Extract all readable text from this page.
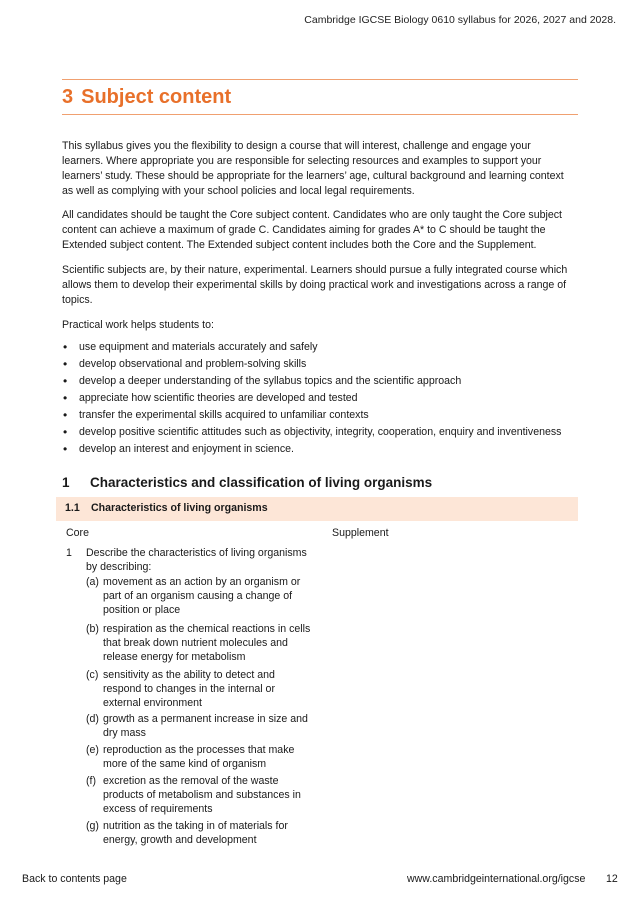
Cambridge IGCSE Biology 0610 syllabus for 2026, 2027 and 2028.
3 Subject content

This syllabus gives you the flexibility to design a course that will interest, challenge and engage your learners. Where appropriate you are responsible for selecting resources and examples to support your learners’ study. These should be appropriate for the learners’ age, cultural background and learning context as well as complying with your school policies and local legal requirements.

All candidates should be taught the Core subject content. Candidates who are only taught the Core subject content can achieve a maximum of grade C. Candidates aiming for grades A* to C should be taught the Extended subject content. The Extended subject content includes both the Core and the Supplement.

Scientific subjects are, by their nature, experimental. Learners should pursue a fully integrated course which allows them to develop their experimental skills by doing practical work and investigations across a range of topics.

Practical work helps students to:

• use equipment and materials accurately and safely
• develop observational and problem-solving skills
• develop a deeper understanding of the syllabus topics and the scientific approach
• appreciate how scientific theories are developed and tested
• transfer the experimental skills acquired to unfamiliar contexts
• develop positive scientific attitudes such as objectivity, integrity, cooperation, enquiry and inventiveness
• develop an interest and enjoyment in science.
1 Characteristics and classification of living organisms
1.1 Characteristics of living organisms
Core	Supplement
1 Describe the characteristics of living organisms by describing:
(a) movement as an action by an organism or part of an organism causing a change of position or place
(b) respiration as the chemical reactions in cells that break down nutrient molecules and release energy for metabolism
(c) sensitivity as the ability to detect and respond to changes in the internal or external environment
(d) growth as a permanent increase in size and dry mass
(e) reproduction as the processes that make more of the same kind of organism
(f) excretion as the removal of the waste products of metabolism and substances in excess of requirements
(g) nutrition as the taking in of materials for energy, growth and development
Back to contents page	www.cambridgeinternational.org/igcse 12
